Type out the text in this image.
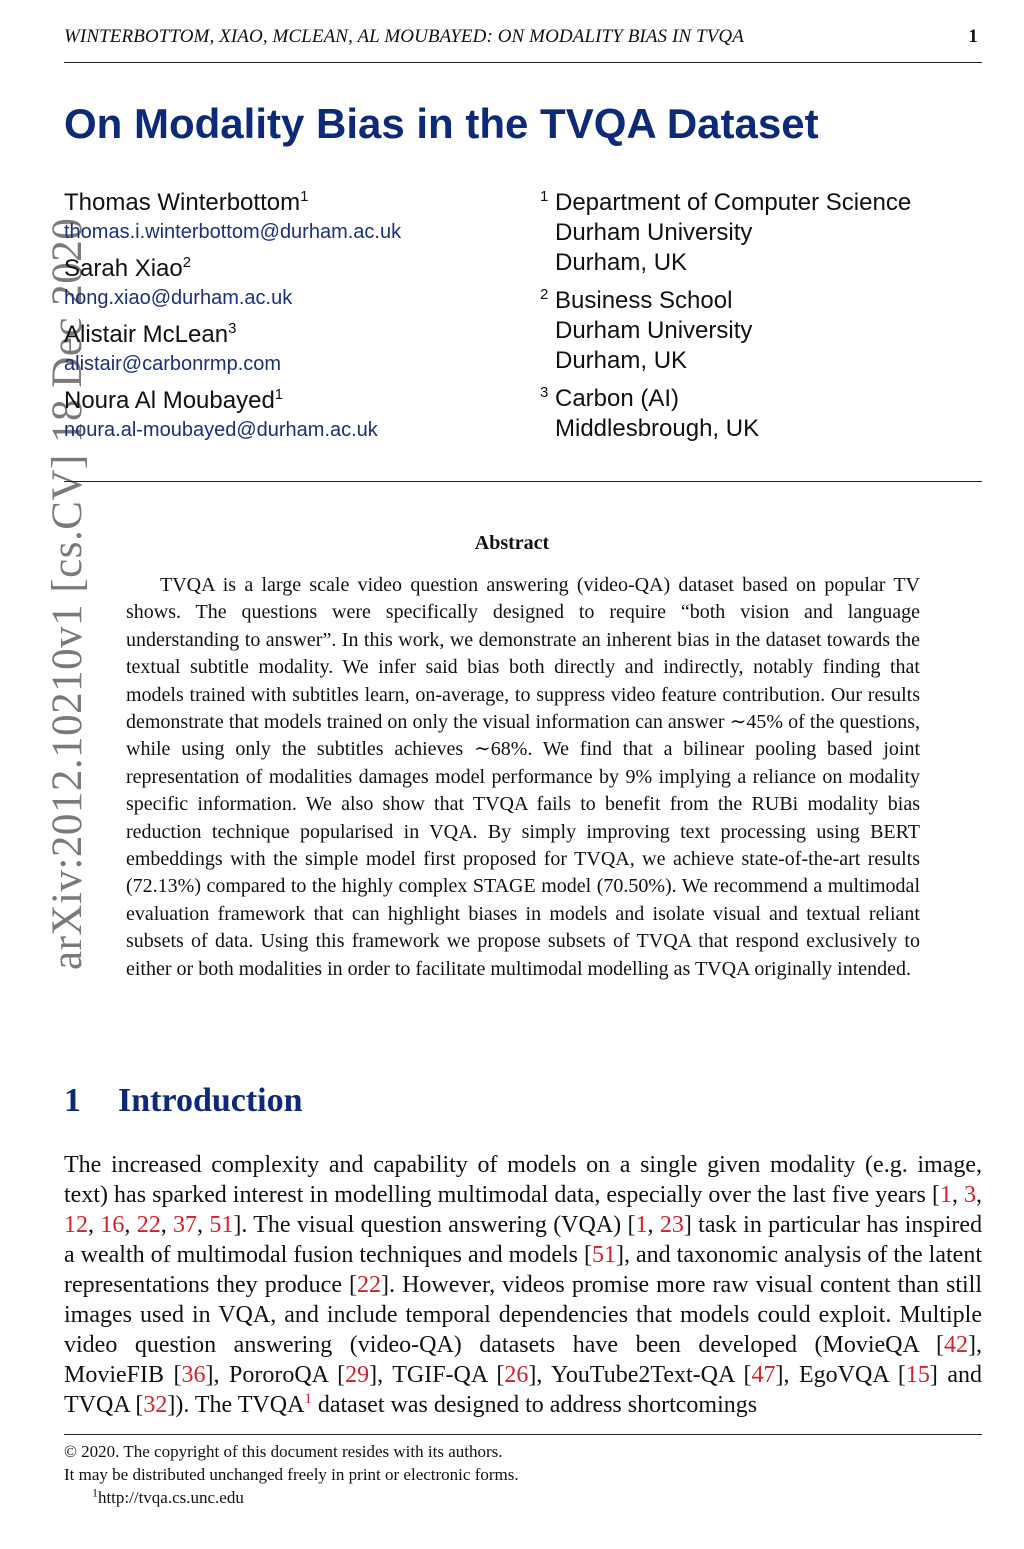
WINTERBOTTOM, XIAO, MCLEAN, AL MOUBAYED: ON MODALITY BIAS IN TVQA	1
arXiv:2012.10210v1 [cs.CV] 18 Dec 2020
On Modality Bias in the TVQA Dataset
Thomas Winterbottom$^1$
thomas.i.winterbottom@durham.ac.uk
Sarah Xiao$^2$
hong.xiao@durham.ac.uk
Alistair McLean$^3$
alistair@carbonrmp.com
Noura Al Moubayed$^1$
noura.al-moubayed@durham.ac.uk
1 Department of Computer Science
Durham University
Durham, UK
2 Business School
Durham University
Durham, UK
3 Carbon (AI)
Middlesbrough, UK
Abstract

TVQA is a large scale video question answering (video-QA) dataset based on popular TV shows. The questions were specifically designed to require “both vision and language understanding to answer”. In this work, we demonstrate an inherent bias in the dataset towards the textual subtitle modality. We infer said bias both directly and indirectly, notably finding that models trained with subtitles learn, on-average, to suppress video feature contribution. Our results demonstrate that models trained on only the visual information can answer ∼45% of the questions, while using only the subtitles achieves ∼68%. We find that a bilinear pooling based joint representation of modalities damages model performance by 9% implying a reliance on modality specific information. We also show that TVQA fails to benefit from the RUBi modality bias reduction technique popularised in VQA. By simply improving text processing using BERT embeddings with the simple model first proposed for TVQA, we achieve state-of-the-art results (72.13%) compared to the highly complex STAGE model (70.50%). We recommend a multimodal evaluation framework that can highlight biases in models and isolate visual and textual reliant subsets of data. Using this framework we propose subsets of TVQA that respond exclusively to either or both modalities in order to facilitate multimodal modelling as TVQA originally intended.

1 Introduction

The increased complexity and capability of models on a single given modality (e.g. image, text) has sparked interest in modelling multimodal data, especially over the last five years [1, 3, 12, 16, 22, 37, 51]. The visual question answering (VQA) [1, 23] task in particular has inspired a wealth of multimodal fusion techniques and models [51], and taxonomic analysis of the latent representations they produce [22]. However, videos promise more raw visual content than still images used in VQA, and include temporal dependencies that models could exploit. Multiple video question answering (video-QA) datasets have been developed (MovieQA [42], MovieFIB [36], PororoQA [29], TGIF-QA [26], YouTube2Text-QA [47], EgoVQA [15] and TVQA [32]). The TVQA$^1$ dataset was designed to address shortcomings

© 2020. The copyright of this document resides with its authors.
It may be distributed unchanged freely in print or electronic forms.
$^1$http://tvqa.cs.unc.edu
